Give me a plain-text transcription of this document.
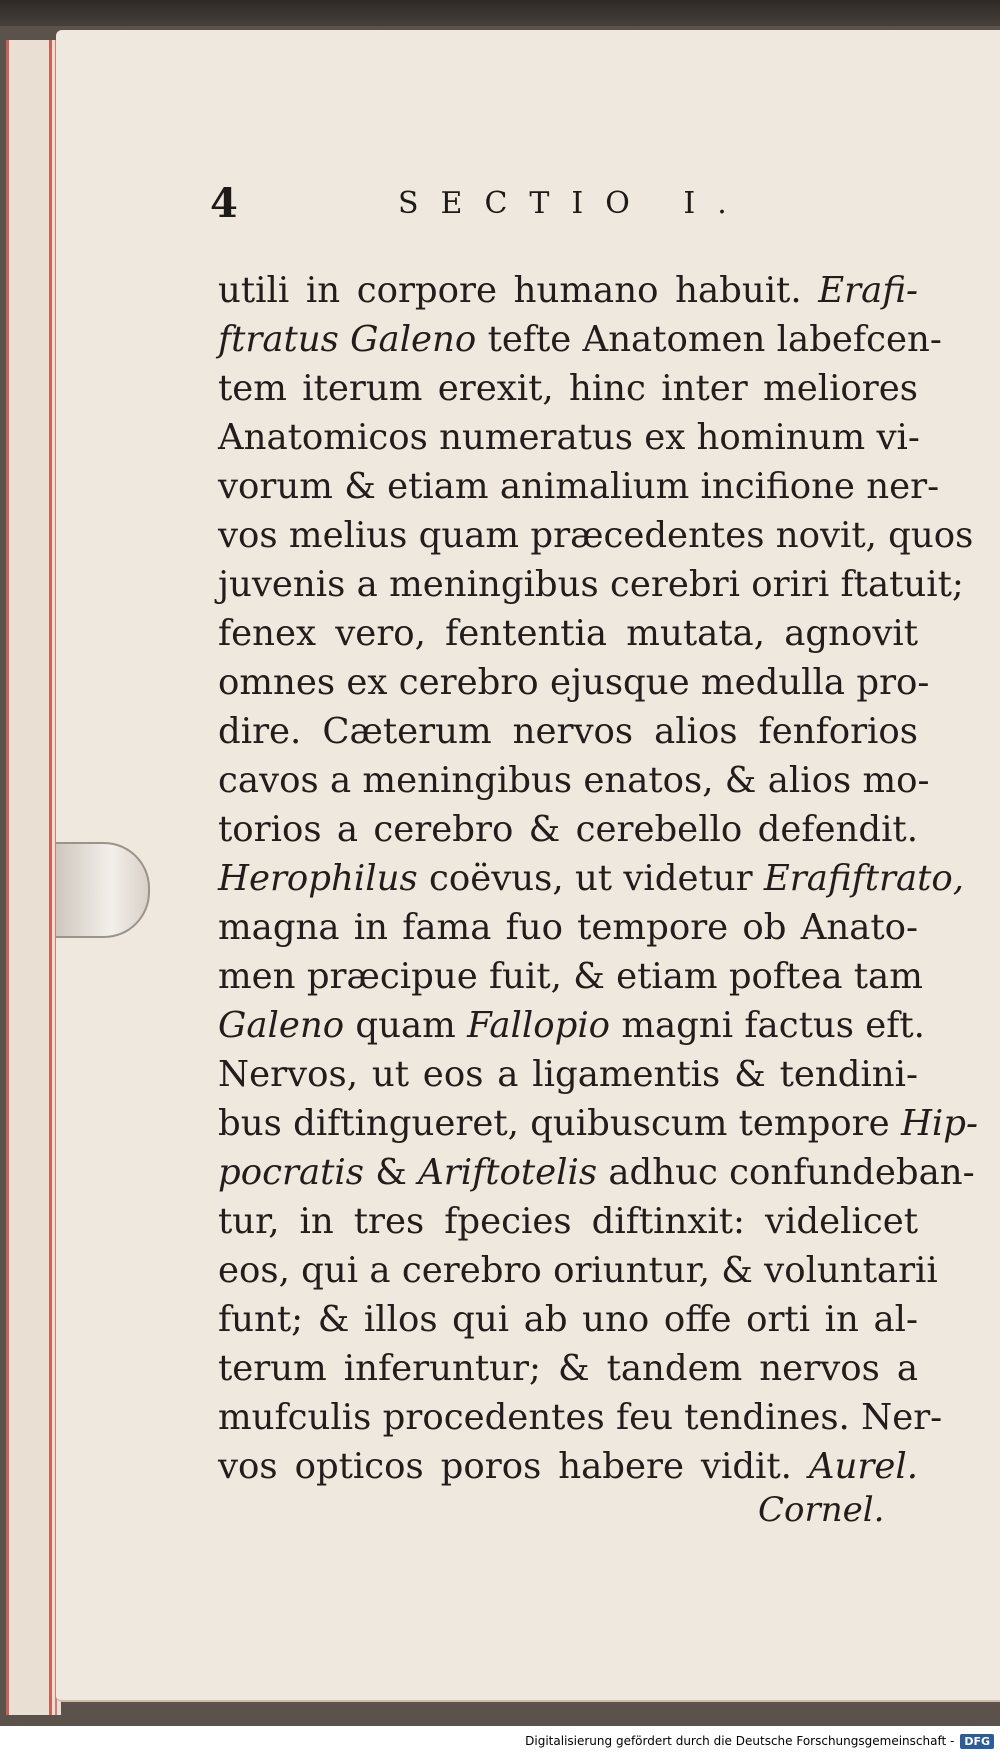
4	SECTIO I.
utili in corpore humano habuit. Erafi-
ftratus Galeno tefte Anatomen labefcen-
tem iterum erexit, hinc inter meliores
Anatomicos numeratus ex hominum vi-
vorum & etiam animalium incifione ner-
vos melius quam præcedentes novit, quos
juvenis a meningibus cerebri oriri ftatuit;
fenex vero, fententia mutata, agnovit
omnes ex cerebro ejusque medulla pro-
dire. Cæterum nervos alios fenforios
cavos a meningibus enatos, & alios mo-
torios a cerebro & cerebello defendit.
Herophilus coëvus, ut videtur Erafiftrato,
magna in fama fuo tempore ob Anato-
men præcipue fuit, & etiam poftea tam
Galeno quam Fallopio magni factus eft.
Nervos, ut eos a ligamentis & tendini-
bus diftingueret, quibuscum tempore Hip-
pocratis & Ariftotelis adhuc confundeban-
tur, in tres fpecies diftinxit: videlicet
eos, qui a cerebro oriuntur, & voluntarii
funt; & illos qui ab uno offe orti in al-
terum inferuntur; & tandem nervos a
mufculis procedentes feu tendines. Ner-
vos opticos poros habere vidit. Aurel.
Cornel.
Digitalisierung gefördert durch die Deutsche Forschungsgemeinschaft - DFG
